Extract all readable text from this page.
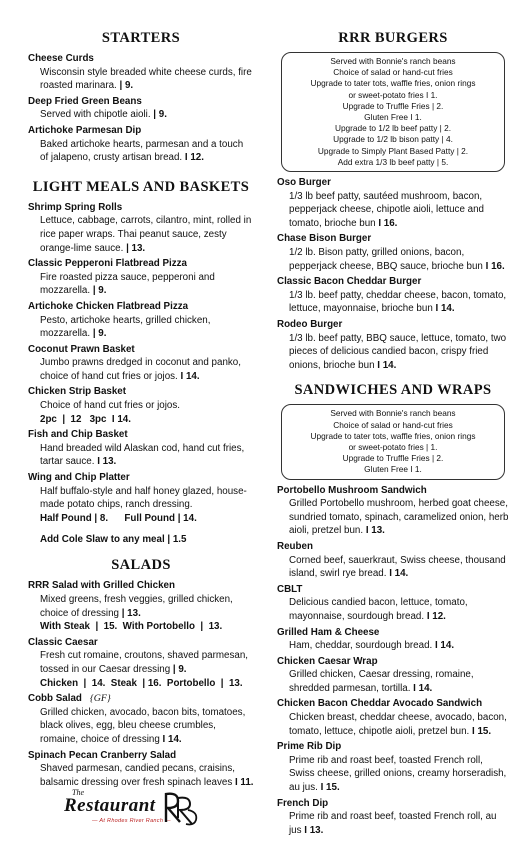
STARTERS
Cheese Curds
Wisconsin style breaded white cheese curds, fire roasted marinara. | 9.
Deep Fried Green Beans
Served with chipotle aioli. | 9.
Artichoke Parmesan Dip
Baked artichoke hearts, parmesan and a touch of jalapeno, crusty artisan bread. I 12.
LIGHT MEALS AND BASKETS
Shrimp Spring Rolls
Lettuce, cabbage, carrots, cilantro, mint, rolled in rice paper wraps. Thai peanut sauce, zesty orange-lime sauce. | 13.
Classic Pepperoni Flatbread Pizza
Fire roasted pizza sauce, pepperoni and mozzarella. | 9.
Artichoke Chicken Flatbread Pizza
Pesto, artichoke hearts, grilled chicken, mozzarella. | 9.
Coconut Prawn Basket
Jumbo prawns dredged in coconut and panko, choice of hand cut fries or jojos. I 14.
Chicken Strip Basket
Choice of hand cut fries or jojos.
2pc  |  12   3pc  I 14.
Fish and Chip Basket
Hand breaded wild Alaskan cod, hand cut fries, tartar sauce. I 13.
Wing and Chip Platter
Half buffalo-style and half honey glazed, house-made potato chips, ranch dressing.
Half Pound | 8.      Full Pound | 14.
Add Cole Slaw to any meal | 1.5
SALADS
RRR Salad with Grilled Chicken
Mixed greens, fresh veggies, grilled chicken, choice of dressing | 13.
With Steak  |  15.  With Portobello  |  13.
Classic Caesar
Fresh cut romaine, croutons, shaved parmesan, tossed in our Caesar dressing | 9.
Chicken  |  14.  Steak  | 16.  Portobello  |  13.
Cobb Salad {GF}
Grilled chicken, avocado, bacon bits, tomatoes, black olives, egg, bleu cheese crumbles, romaine, choice of dressing I 14.
Spinach Pecan Cranberry Salad
Shaved parmesan, candied pecans, craisins, balsamic dressing over fresh spinach leaves I 11.
The
Restaurant
— At Rhodes River Ranch —
RRR BURGERS
Served with Bonnie's ranch beans
Choice of salad or hand-cut fries
Upgrade to tater tots, waffle fries, onion rings
or sweet-potato fries I 1.
Upgrade to Truffle Fries | 2.
Gluten Free I 1.
Upgrade to 1/2 lb beef patty | 2.
Upgrade to 1/2 lb bison patty | 4.
Upgrade to Simply Plant Based Patty | 2.
Add extra 1/3 lb beef patty | 5.
Oso Burger
1/3 lb beef patty, sautéed mushroom, bacon, pepperjack cheese, chipotle aioli, lettuce and tomato, brioche bun I 16.
Chase Bison Burger
1/2 lb. Bison patty, grilled onions, bacon, pepperjack cheese, BBQ sauce, brioche bun I 16.
Classic Bacon Cheddar Burger
1/3 lb. beef patty, cheddar cheese, bacon, tomato, lettuce, mayonnaise, brioche bun I 14.
Rodeo Burger
1/3 lb. beef patty, BBQ sauce, lettuce, tomato, two pieces of delicious candied bacon, crispy fried onions, brioche bun I 14.
SANDWICHES AND WRAPS
Served with Bonnie's ranch beans
Choice of salad or hand-cut fries
Upgrade to tater tots, waffle fries, onion rings
or sweet-potato fries | 1.
Upgrade to Truffle Fries | 2.
Gluten Free I 1.
Portobello Mushroom Sandwich
Grilled Portobello mushroom, herbed goat cheese, sundried tomato, spinach, caramelized onion, herb aioli, pretzel bun. I 13.
Reuben
Corned beef, sauerkraut, Swiss cheese, thousand island, swirl rye bread. I 14.
CBLT
Delicious candied bacon, lettuce, tomato, mayonnaise, sourdough bread. I 12.
Grilled Ham & Cheese
Ham, cheddar, sourdough bread. I 14.
Chicken Caesar Wrap
Grilled chicken, Caesar dressing, romaine, shredded parmesan, tortilla. I 14.
Chicken Bacon Cheddar Avocado Sandwich
Chicken breast, cheddar cheese, avocado, bacon, tomato, lettuce, chipotle aioli, pretzel bun. I 15.
Prime Rib Dip
Prime rib and roast beef, toasted French roll, Swiss cheese, grilled onions, creamy horseradish, au jus. I 15.
French Dip
Prime rib and roast beef, toasted French roll, au jus I 13.
